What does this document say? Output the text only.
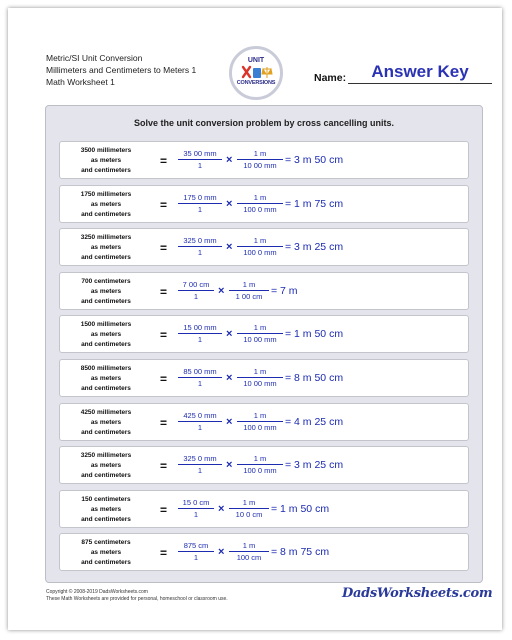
Metric/SI Unit Conversion
Millimeters and Centimeters to Meters 1
Math Worksheet 1
UNIT
CONVERSIONS	Name:	Answer Key
Solve the unit conversion problem by cross cancelling units.
3500 millimeters
as meters
and centimeters
=
35 00 mm
1	×
1 m
10 00 mm = 3 m 50 cm
1750 millimeters
as meters
and centimeters
=
175 0 mm
1	×
1 m
100 0 mm = 1 m 75 cm
3250 millimeters
as meters
and centimeters
=
325 0 mm
1	×
1 m
100 0 mm = 3 m 25 cm
700 centimeters
as meters
and centimeters
=
7 00 cm
1	×
1 m
1 00 cm = 7 m
1500 millimeters
as meters
and centimeters
=
15 00 mm
1	×
1 m
10 00 mm = 1 m 50 cm
8500 millimeters
as meters
and centimeters
=
85 00 mm
1	×
1 m
10 00 mm = 8 m 50 cm
4250 millimeters
as meters
and centimeters
=
425 0 mm
1	×
1 m
100 0 mm = 4 m 25 cm
3250 millimeters
as meters
and centimeters
=
325 0 mm
1	×
1 m
100 0 mm = 3 m 25 cm
150 centimeters
as meters
and centimeters
=
15 0 cm
1	×
1 m
10 0 cm = 1 m 50 cm
875 centimeters
as meters
and centimeters
=
875 cm
1	×
1 m
100 cm = 8 m 75 cm
Copyright © 2008-2019 DadsWorksheets.com
These Math Worksheets are provided for personal, homeschool or classroom use.	DadsWorksheets.com
